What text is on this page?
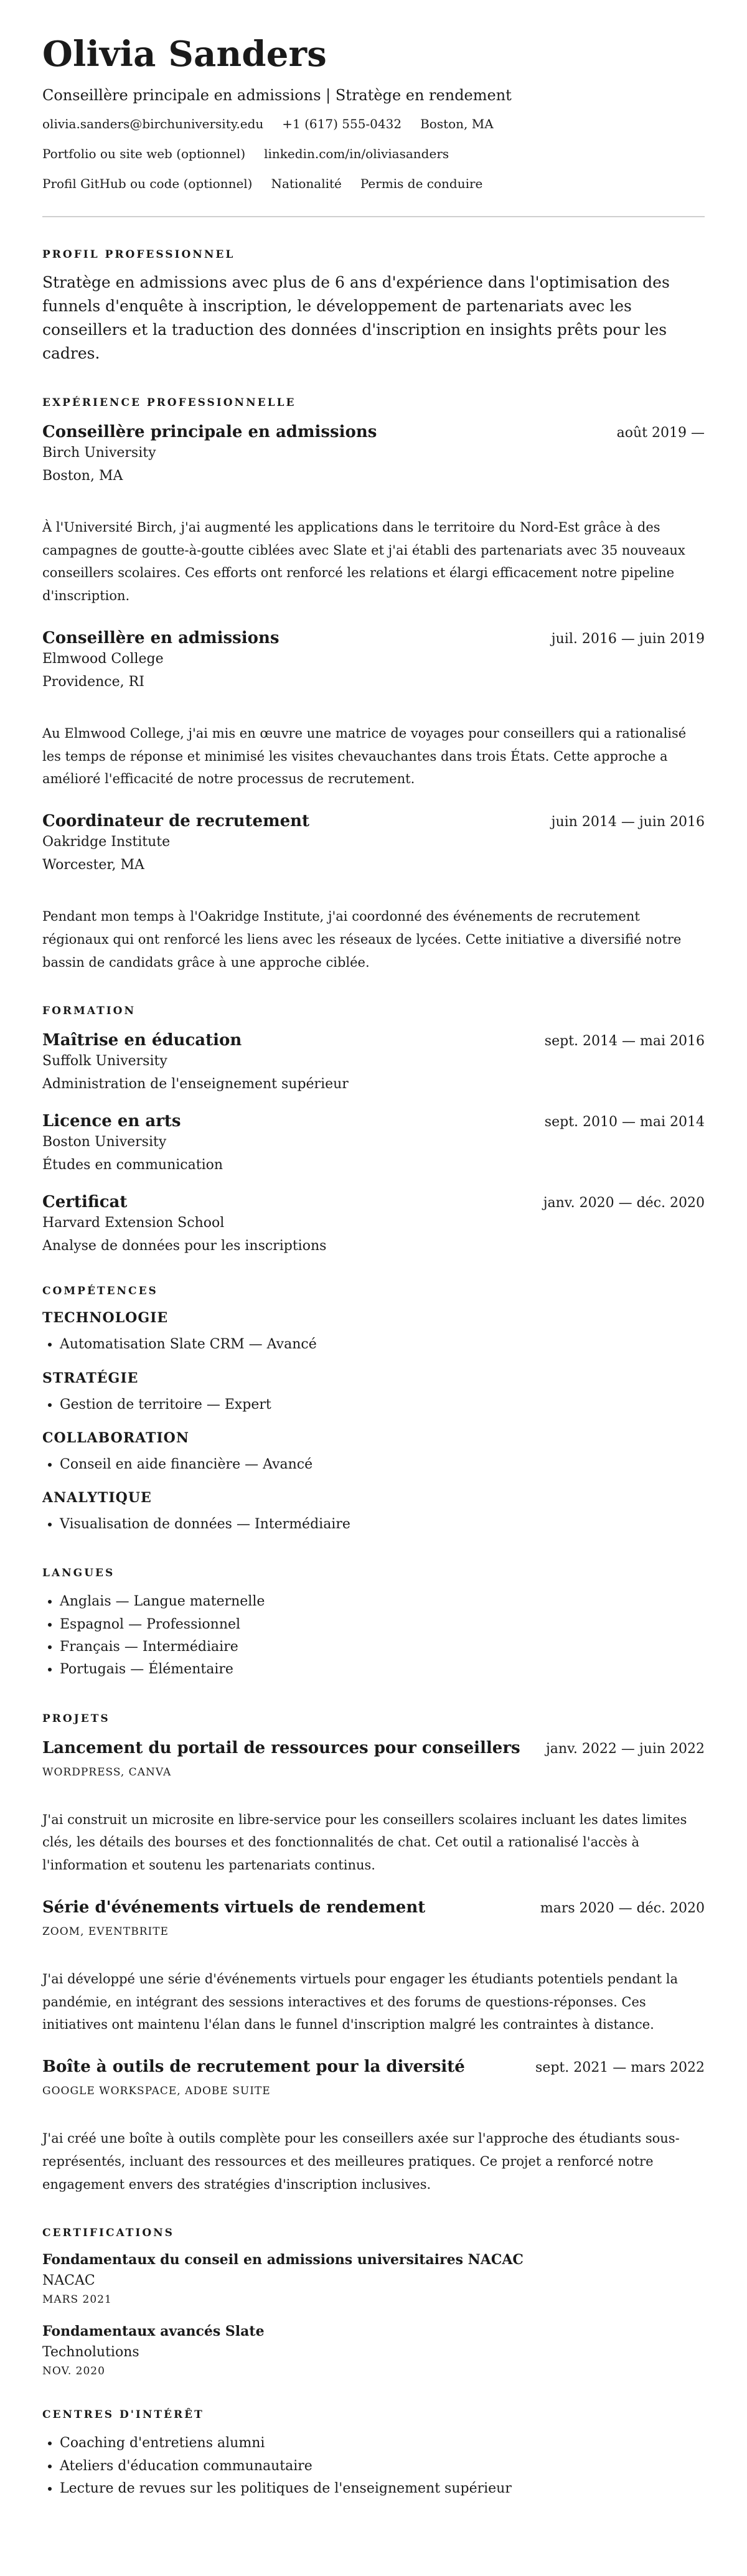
Olivia Sanders
Conseillère principale en admissions | Stratège en rendement
olivia.sanders@birchuniversity.edu +1 (617) 555-0432 Boston, MA
Portfolio ou site web (optionnel) linkedin.com/in/oliviasanders
Profil GitHub ou code (optionnel) Nationalité Permis de conduire
PROFIL PROFESSIONNEL

Stratège en admissions avec plus de 6 ans d'expérience dans l'optimisation des funnels d'enquête à inscription, le développement de partenariats avec les conseillers et la traduction des données d'inscription en insights prêts pour les cadres.

EXPÉRIENCE PROFESSIONNELLE
Conseillère principale en admissions	août 2019 —
Birch University
Boston, MA
À l'Université Birch, j'ai augmenté les applications dans le territoire du Nord-Est grâce à des campagnes de goutte-à-goutte ciblées avec Slate et j'ai établi des partenariats avec 35 nouveaux conseillers scolaires. Ces efforts ont renforcé les relations et élargi efficacement notre pipeline d'inscription.
Conseillère en admissions	juil. 2016 — juin 2019
Elmwood College
Providence, RI
Au Elmwood College, j'ai mis en œuvre une matrice de voyages pour conseillers qui a rationalisé les temps de réponse et minimisé les visites chevauchantes dans trois États. Cette approche a amélioré l'efficacité de notre processus de recrutement.
Coordinateur de recrutement	juin 2014 — juin 2016
Oakridge Institute
Worcester, MA
Pendant mon temps à l'Oakridge Institute, j'ai coordonné des événements de recrutement régionaux qui ont renforcé les liens avec les réseaux de lycées. Cette initiative a diversifié notre bassin de candidats grâce à une approche ciblée.
FORMATION
Maîtrise en éducation	sept. 2014 — mai 2016
Suffolk University
Administration de l'enseignement supérieur
Licence en arts	sept. 2010 — mai 2014
Boston University
Études en communication
Certificat	janv. 2020 — déc. 2020
Harvard Extension School
Analyse de données pour les inscriptions
COMPÉTENCES
TECHNOLOGIE
• Automatisation Slate CRM — Avancé
STRATÉGIE
• Gestion de territoire — Expert
COLLABORATION
• Conseil en aide financière — Avancé
ANALYTIQUE
• Visualisation de données — Intermédiaire
LANGUES
• Anglais — Langue maternelle
• Espagnol — Professionnel
• Français — Intermédiaire
• Portugais — Élémentaire
PROJETS
Lancement du portail de ressources pour conseillers janv. 2022 — juin 2022
WORDPRESS, CANVA
J'ai construit un microsite en libre-service pour les conseillers scolaires incluant les dates limites clés, les détails des bourses et des fonctionnalités de chat. Cet outil a rationalisé l'accès à l'information et soutenu les partenariats continus.
Série d'événements virtuels de rendement	mars 2020 — déc. 2020
ZOOM, EVENTBRITE
J'ai développé une série d'événements virtuels pour engager les étudiants potentiels pendant la pandémie, en intégrant des sessions interactives et des forums de questions-réponses. Ces initiatives ont maintenu l'élan dans le funnel d'inscription malgré les contraintes à distance.
Boîte à outils de recrutement pour la diversité	sept. 2021 — mars 2022
GOOGLE WORKSPACE, ADOBE SUITE
J'ai créé une boîte à outils complète pour les conseillers axée sur l'approche des étudiants sous-représentés, incluant des ressources et des meilleures pratiques. Ce projet a renforcé notre engagement envers des stratégies d'inscription inclusives.
CERTIFICATIONS
Fondamentaux du conseil en admissions universitaires NACAC
NACAC
MARS 2021
Fondamentaux avancés Slate
Technolutions
NOV. 2020
CENTRES D'INTÉRÊT
• Coaching d'entretiens alumni
• Ateliers d'éducation communautaire
• Lecture de revues sur les politiques de l'enseignement supérieur
